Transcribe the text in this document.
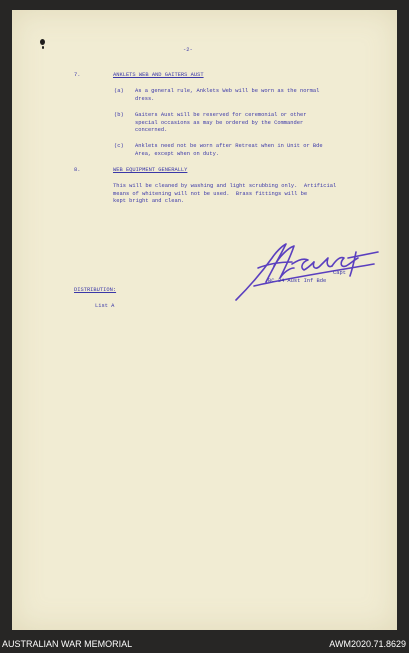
-2-
7.	ANKLETS WEB AND GAITERS AUST
(a) As a general rule, Anklets Web will be worn as the normal
dress.
(b) Gaiters Aust will be reserved for ceremonial or other
special occasions as may be ordered by the Commander
concerned.
(c) Anklets need not be worn after Retreat when in Unit or Bde
Area, except when on duty.
8.	WEB EQUIPMENT GENERALLY
This will be cleaned by washing and light scrubbing only.  Artificial
means of whitening will not be used.  Brass fittings will be
kept bright and clean.
Capt
BC 34 Aust Inf Bde
DISTRIBUTION:
List A
AUSTRALIAN WAR MEMORIAL	AWM2020.71.8629
